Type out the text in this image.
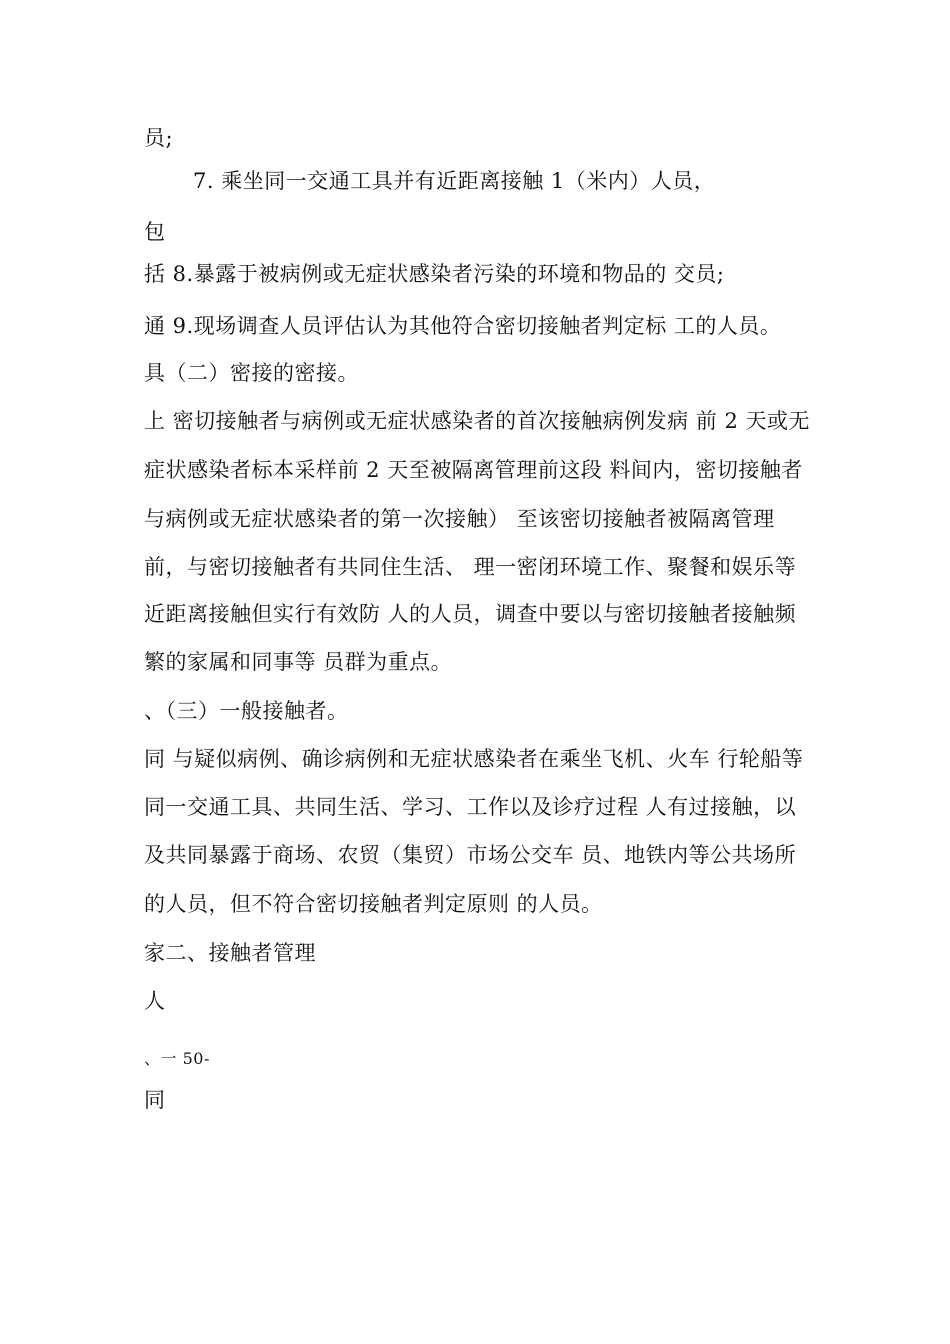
员;
7. 乘坐同一交通工具并有近距离接触 1（米内）人员，
包
括 8.暴露于被病例或无症状感染者污染的环境和物品的 交员;
通 9.现场调查人员评估认为其他符合密切接触者判定标 工的人员。
具（二）密接的密接。
上 密切接触者与病例或无症状感染者的首次接触病例发病 前 2 天或无
症状感染者标本采样前 2 天至被隔离管理前这段 料间内，密切接触者
与病例或无症状感染者的第一次接触） 至该密切接触者被隔离管理
前，与密切接触者有共同住生活、 理一密闭环境工作、聚餐和娱乐等
近距离接触但实行有效防 人的人员，调查中要以与密切接触者接触频
繁的家属和同事等 员群为重点。
、（三）一般接触者。
同 与疑似病例、确诊病例和无症状感染者在乘坐飞机、火车 行轮船等
同一交通工具、共同生活、学习、工作以及诊疗过程 人有过接触，以
及共同暴露于商场、农贸（集贸）市场公交车 员、地铁内等公共场所
的人员，但不符合密切接触者判定原则 的人员。
家二、接触者管理
人
、一 50-
同
